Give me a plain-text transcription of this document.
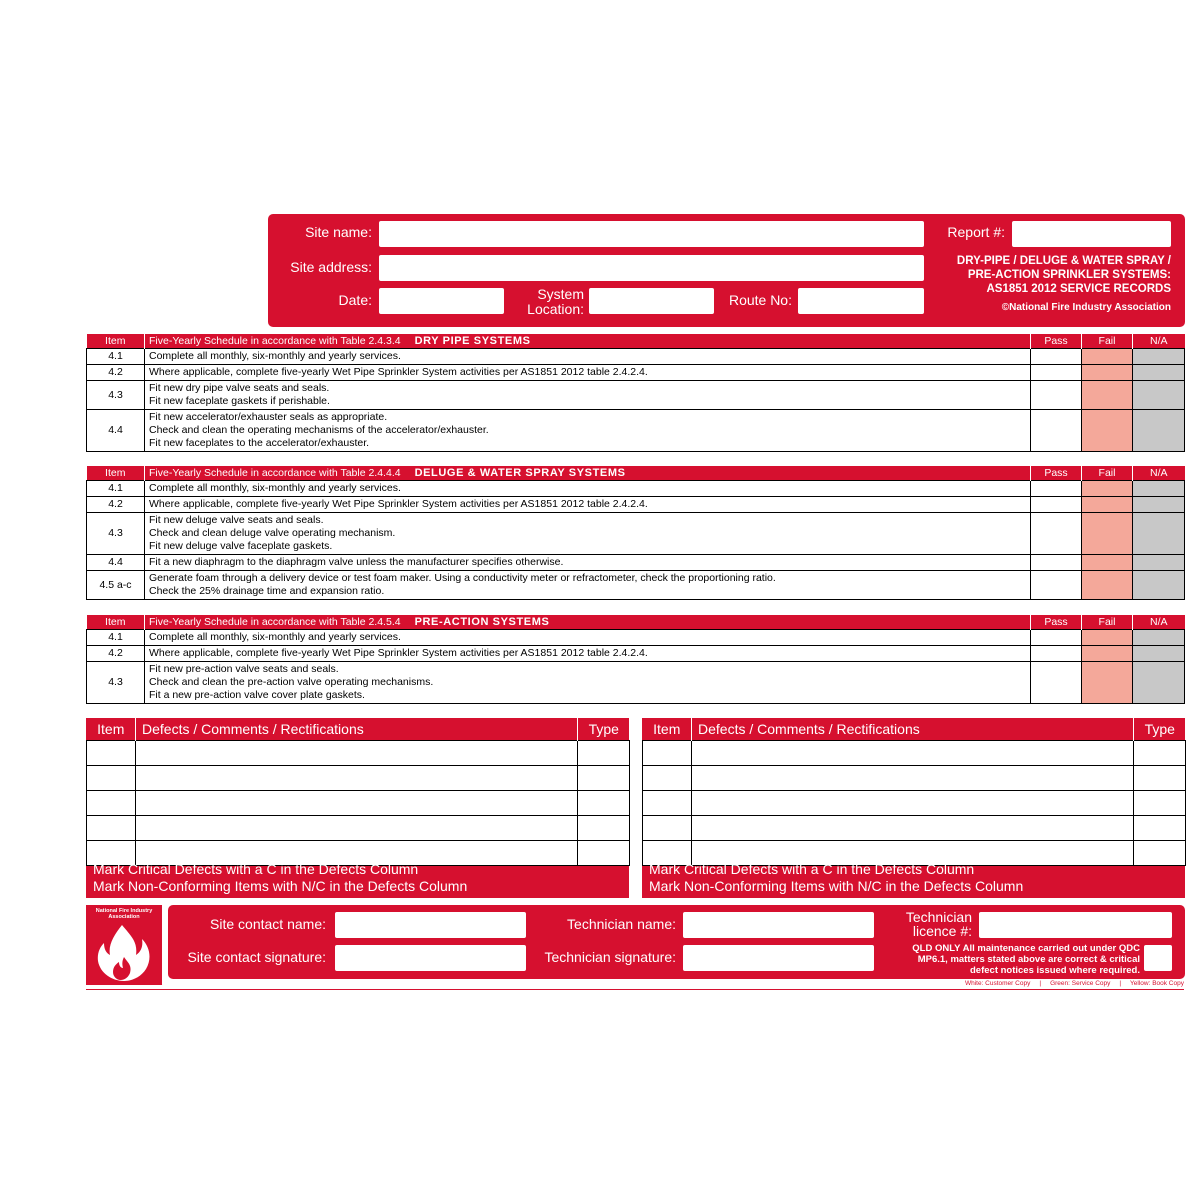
Site name:
Site address:
Date:	System
Location:
Route No:
Report #:
DRY-PIPE / DELUGE & WATER SPRAY /
PRE-ACTION SPRINKLER SYSTEMS:
AS1851 2012 SERVICE RECORDS
©National Fire Industry Association
Item	Five-Yearly Schedule in accordance with Table 2.4.3.4 DRY PIPE SYSTEMS	Pass	Fail	N/A
4.1	Complete all monthly, six-monthly and yearly services.			

4.2	Where applicable, complete five-yearly Wet Pipe Sprinkler System activities per AS1851 2012 table 2.4.2.4.			

4.3	Fit new dry pipe valve seats and seals.
Fit new faceplate gaskets if perishable.			

4.4	Fit new accelerator/exhauster seals as appropriate.
Check and clean the operating mechanisms of the accelerator/exhauster.
Fit new faceplates to the accelerator/exhauster.			

Item	Five-Yearly Schedule in accordance with Table 2.4.4.4 DELUGE & WATER SPRAY SYSTEMS	Pass	Fail	N/A
4.1	Complete all monthly, six-monthly and yearly services.			

4.2	Where applicable, complete five-yearly Wet Pipe Sprinkler System activities per AS1851 2012 table 2.4.2.4.			

4.3	Fit new deluge valve seats and seals.
Check and clean deluge valve operating mechanism.
Fit new deluge valve faceplate gaskets.			

4.4	Fit a new diaphragm to the diaphragm valve unless the manufacturer specifies otherwise.			

4.5 a-c	Generate foam through a delivery device or test foam maker. Using a conductivity meter or refractometer, check the proportioning ratio.
Check the 25% drainage time and expansion ratio.			

Item	Five-Yearly Schedule in accordance with Table 2.4.5.4 PRE-ACTION SYSTEMS	Pass	Fail	N/A
4.1	Complete all monthly, six-monthly and yearly services.			

4.2	Where applicable, complete five-yearly Wet Pipe Sprinkler System activities per AS1851 2012 table 2.4.2.4.			

4.3	Fit new pre-action valve seats and seals.
Check and clean the pre-action valve operating mechanisms.
Fit a new pre-action valve cover plate gaskets.			

Item	Defects / Comments / Rectifications	Type

Mark Critical Defects with a C in the Defects Column
Mark Non-Conforming Items with N/C in the Defects Column
Item	Defects / Comments / Rectifications	Type

Mark Critical Defects with a C in the Defects Column
Mark Non-Conforming Items with N/C in the Defects Column
National Fire Industry Association
Australia
Site contact name:
Site contact signature:
Technician name:
Technician signature:
Technician
licence #:
QLD ONLY All maintenance carried out under QDC
MP6.1, matters stated above are correct & critical
defect notices issued where required.
White: Customer Copy     |     Green: Service Copy     |     Yellow: Book Copy
